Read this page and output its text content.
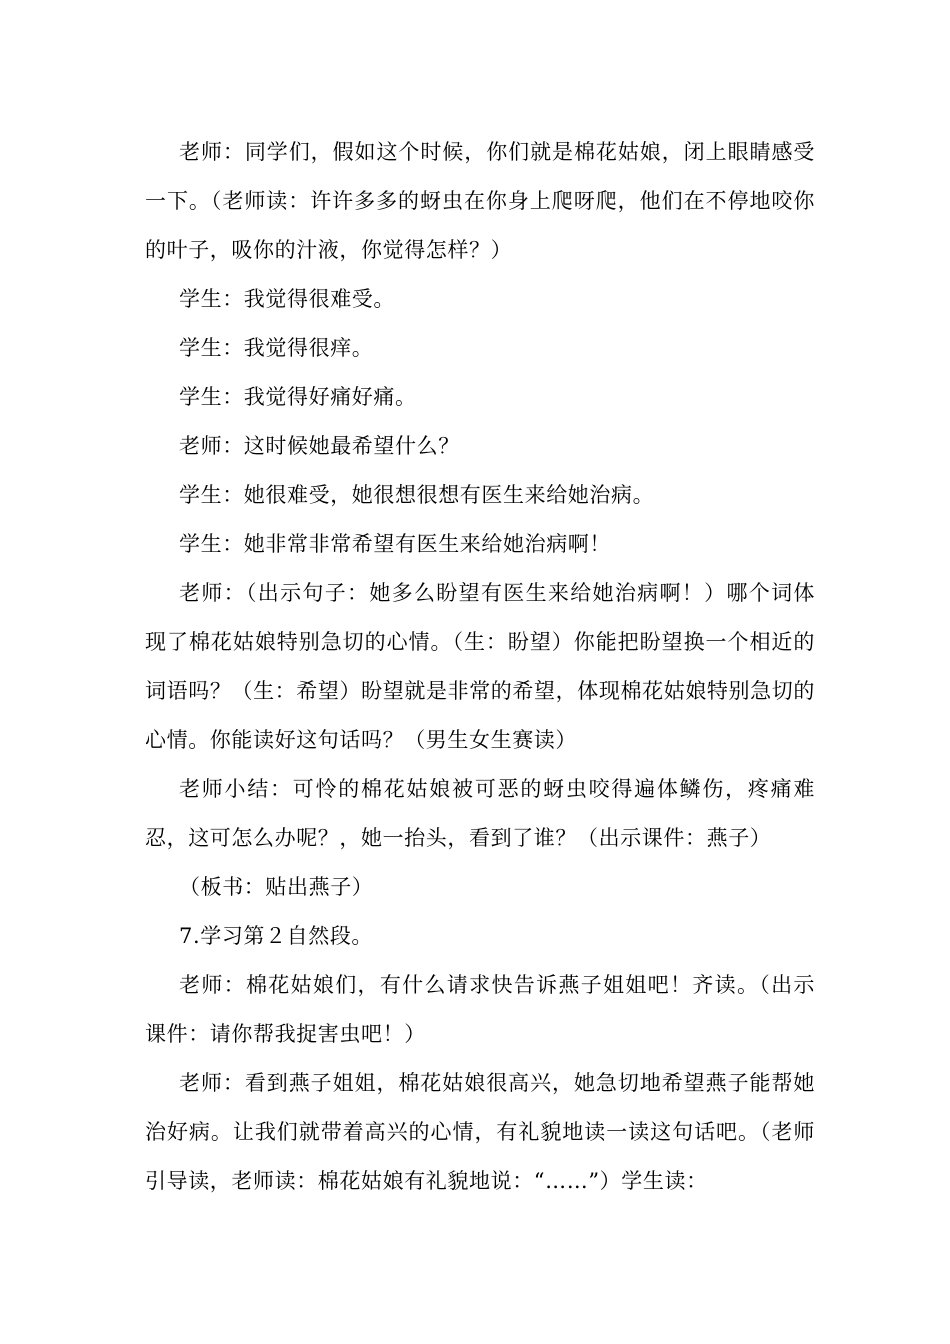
老师：同学们，假如这个时候，你们就是棉花姑娘，闭上眼睛感受一下。（老师读：许许多多的蚜虫在你身上爬呀爬，他们在不停地咬你的叶子，吸你的汁液，你觉得怎样？）

学生：我觉得很难受。

学生：我觉得很痒。

学生：我觉得好痛好痛。

老师：这时候她最希望什么？

学生：她很难受，她很想很想有医生来给她治病。

学生：她非常非常希望有医生来给她治病啊！

老师：（出示句子：她多么盼望有医生来给她治病啊！）哪个词体现了棉花姑娘特别急切的心情。（生：盼望）你能把盼望换一个相近的词语吗？（生：希望）盼望就是非常的希望，体现棉花姑娘特别急切的心情。你能读好这句话吗？（男生女生赛读）

老师小结：可怜的棉花姑娘被可恶的蚜虫咬得遍体鳞伤，疼痛难忍，这可怎么办呢？，她一抬头，看到了谁？（出示课件：燕子）

（板书：贴出燕子）

7.学习第２自然段。

老师：棉花姑娘们，有什么请求快告诉燕子姐姐吧！齐读。（出示课件：请你帮我捉害虫吧！）

老师：看到燕子姐姐，棉花姑娘很高兴，她急切地希望燕子能帮她治好病。让我们就带着高兴的心情，有礼貌地读一读这句话吧。（老师引导读，老师读：棉花姑娘有礼貌地说：“……”）学生读：
